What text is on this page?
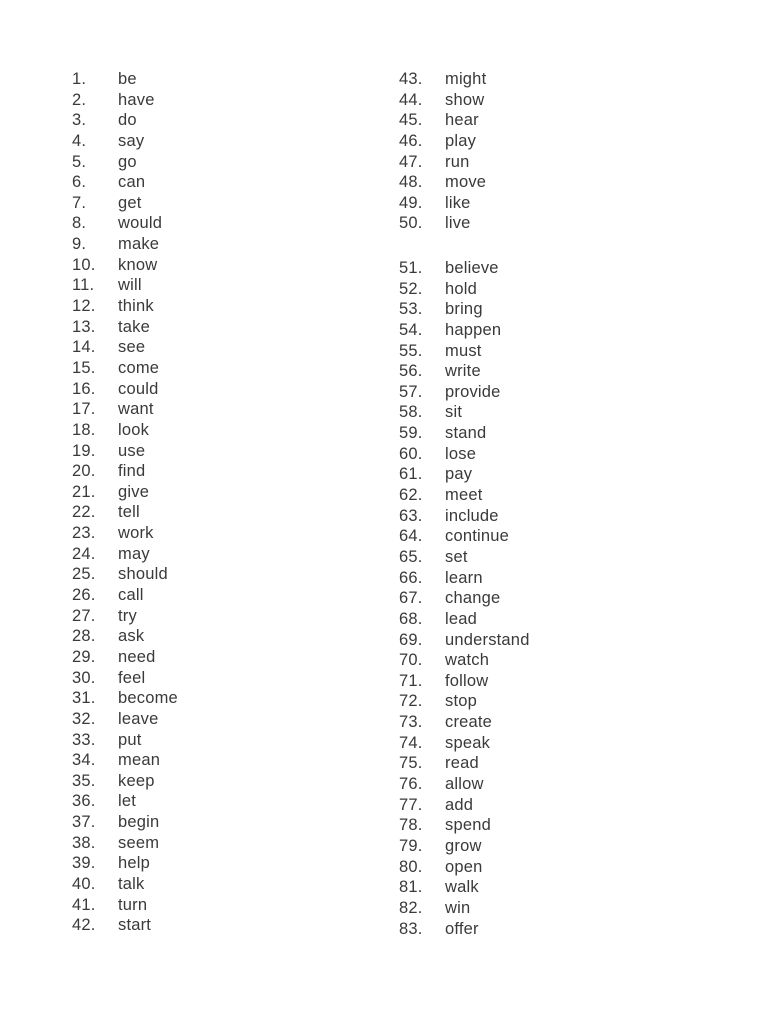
1.	be
2.	have
3.	do
4.	say
5.	go
6.	can
7.	get
8.	would
9.	make
10.	know
11.	will
12.	think
13.	take
14.	see
15.	come
16.	could
17.	want
18.	look
19.	use
20.	find
21.	give
22.	tell
23.	work
24.	may
25.	should
26.	call
27.	try
28.	ask
29.	need
30.	feel
31.	become
32.	leave
33.	put
34.	mean
35.	keep
36.	let
37.	begin
38.	seem
39.	help
40.	talk
41.	turn
42.	start
43.	might
44.	show
45.	hear
46.	play
47.	run
48.	move
49.	like
50.	live
51.	believe
52.	hold
53.	bring
54.	happen
55.	must
56.	write
57.	provide
58.	sit
59.	stand
60.	lose
61.	pay
62.	meet
63.	include
64.	continue
65.	set
66.	learn
67.	change
68.	lead
69.	understand
70.	watch
71.	follow
72.	stop
73.	create
74.	speak
75.	read
76.	allow
77.	add
78.	spend
79.	grow
80.	open
81.	walk
82.	win
83.	offer
